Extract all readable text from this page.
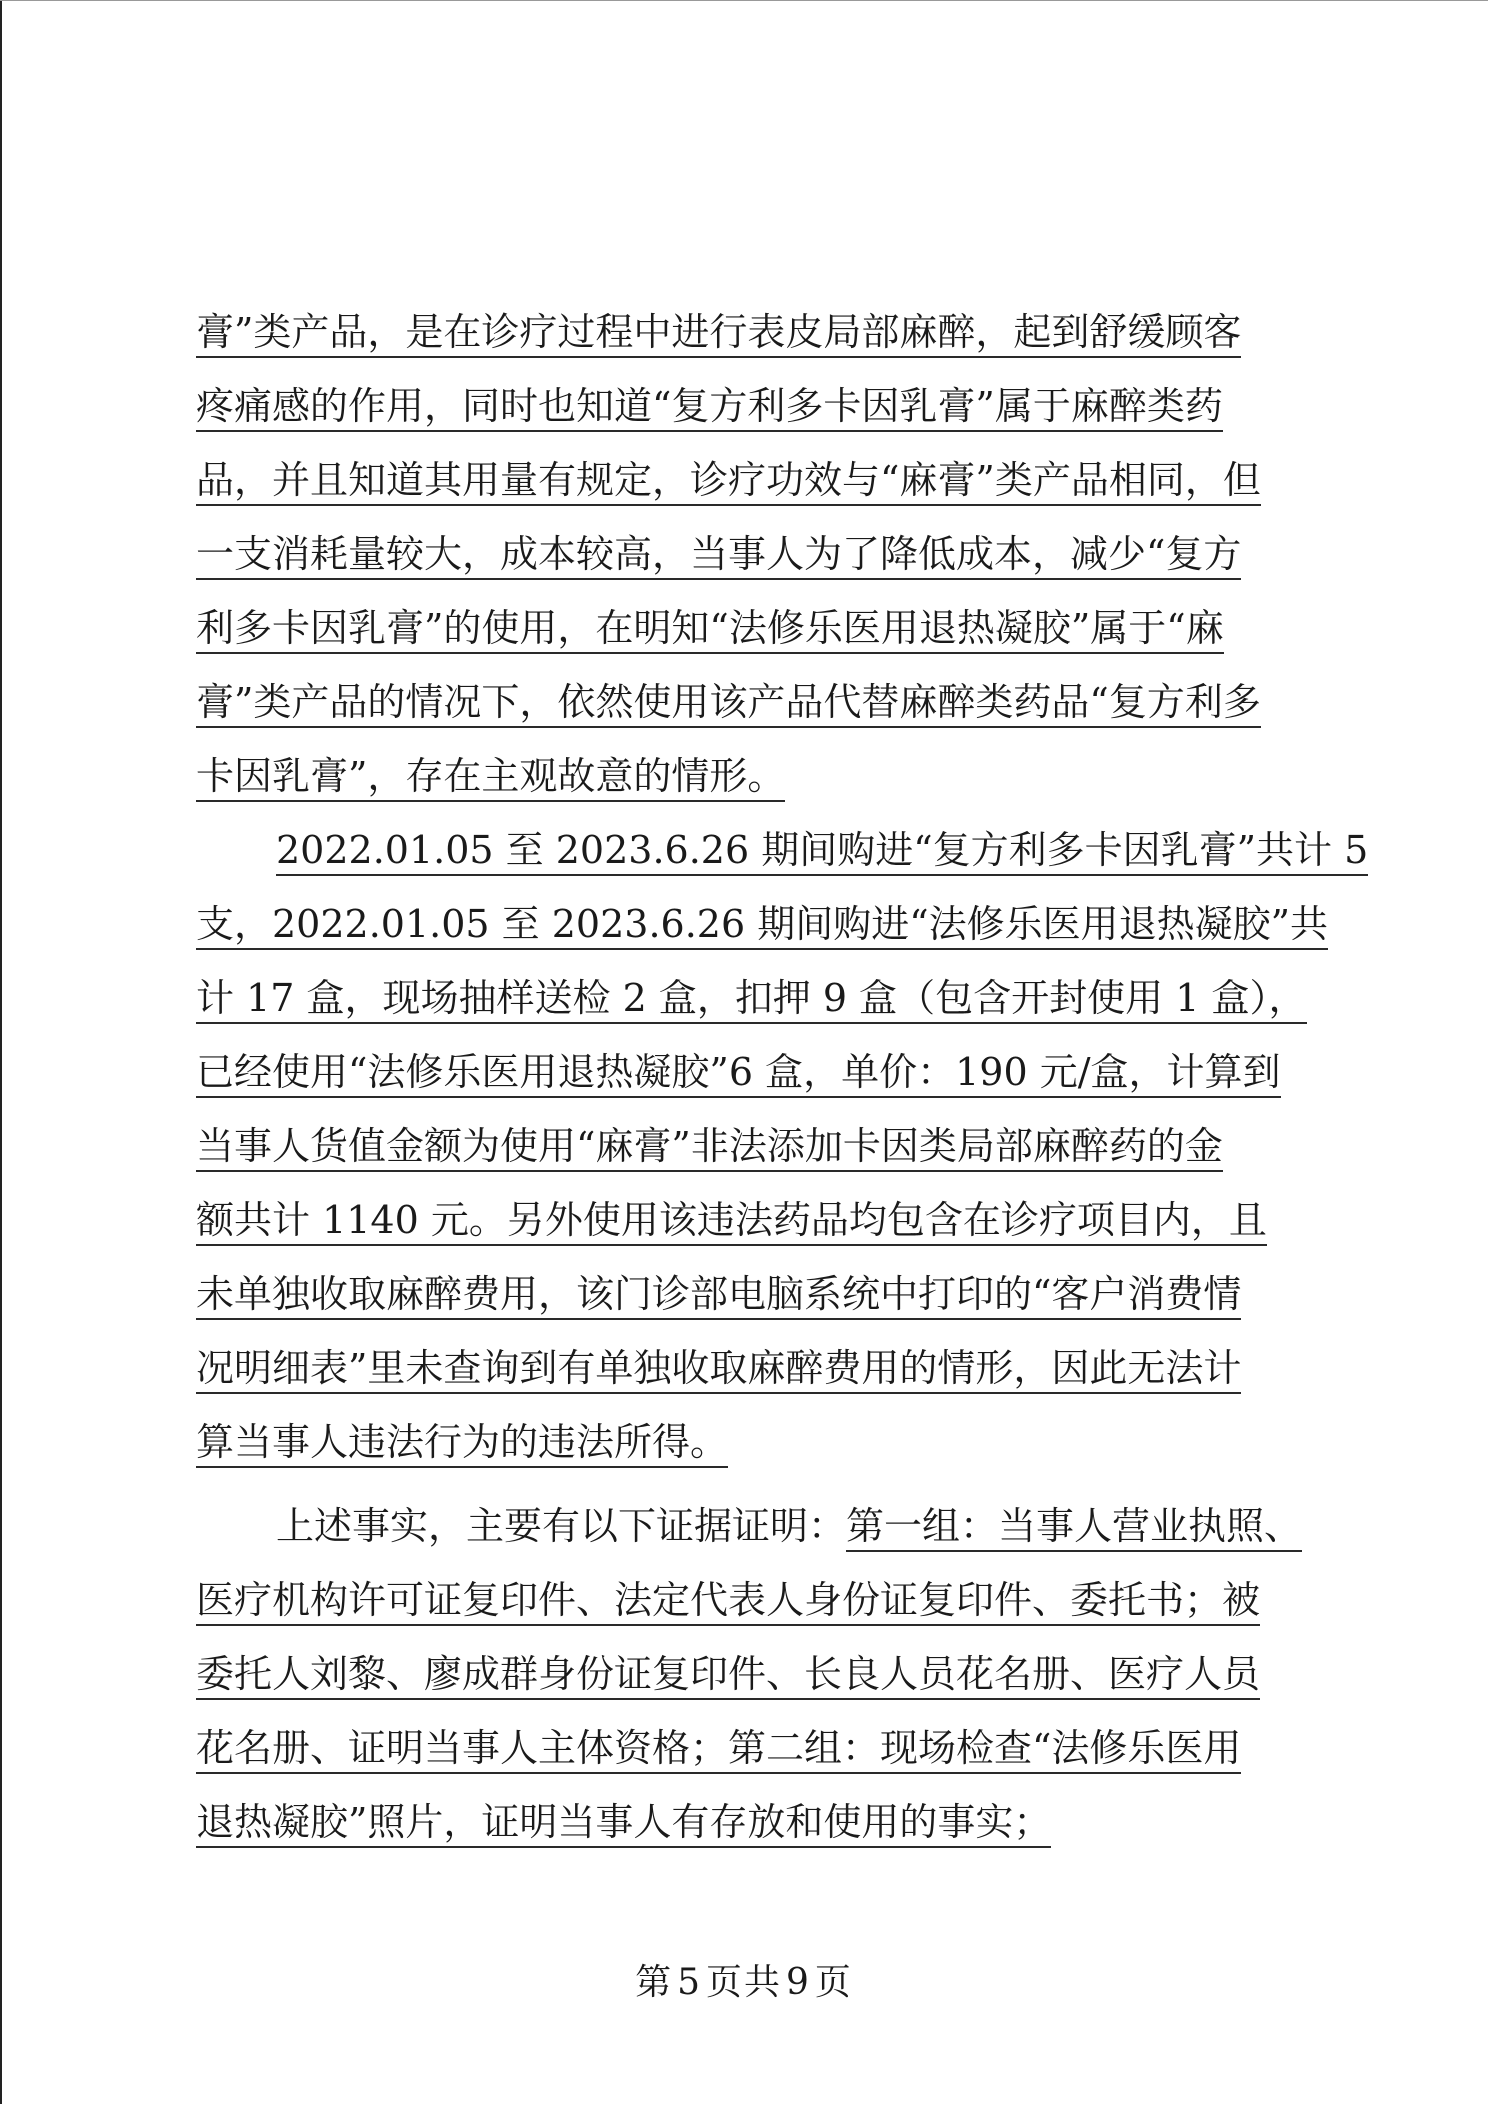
膏”类产品，是在诊疗过程中进行表皮局部麻醉，起到舒缓顾客
疼痛感的作用，同时也知道“复方利多卡因乳膏”属于麻醉类药
品，并且知道其用量有规定，诊疗功效与“麻膏”类产品相同，但
一支消耗量较大，成本较高，当事人为了降低成本，减少“复方
利多卡因乳膏”的使用，在明知“法修乐医用退热凝胶”属于“麻
膏”类产品的情况下，依然使用该产品代替麻醉类药品“复方利多
卡因乳膏”，存在主观故意的情形。
2022.01.05 至 2023.6.26 期间购进“复方利多卡因乳膏”共计 5
支，2022.01.05 至 2023.6.26 期间购进“法修乐医用退热凝胶”共
计 17 盒，现场抽样送检 2 盒，扣押 9 盒（包含开封使用 1 盒），
已经使用“法修乐医用退热凝胶”6 盒，单价：190 元/盒，计算到
当事人货值金额为使用“麻膏”非法添加卡因类局部麻醉药的金
额共计 1140 元。另外使用该违法药品均包含在诊疗项目内，且
未单独收取麻醉费用，该门诊部电脑系统中打印的“客户消费情
况明细表”里未查询到有单独收取麻醉费用的情形，因此无法计
算当事人违法行为的违法所得。
上述事实，主要有以下证据证明：第一组：当事人营业执照、
医疗机构许可证复印件、法定代表人身份证复印件、委托书；被
委托人刘黎、廖成群身份证复印件、长良人员花名册、医疗人员
花名册、证明当事人主体资格；第二组：现场检查“法修乐医用
退热凝胶”照片，证明当事人有存放和使用的事实；
第 5 页共 9 页
